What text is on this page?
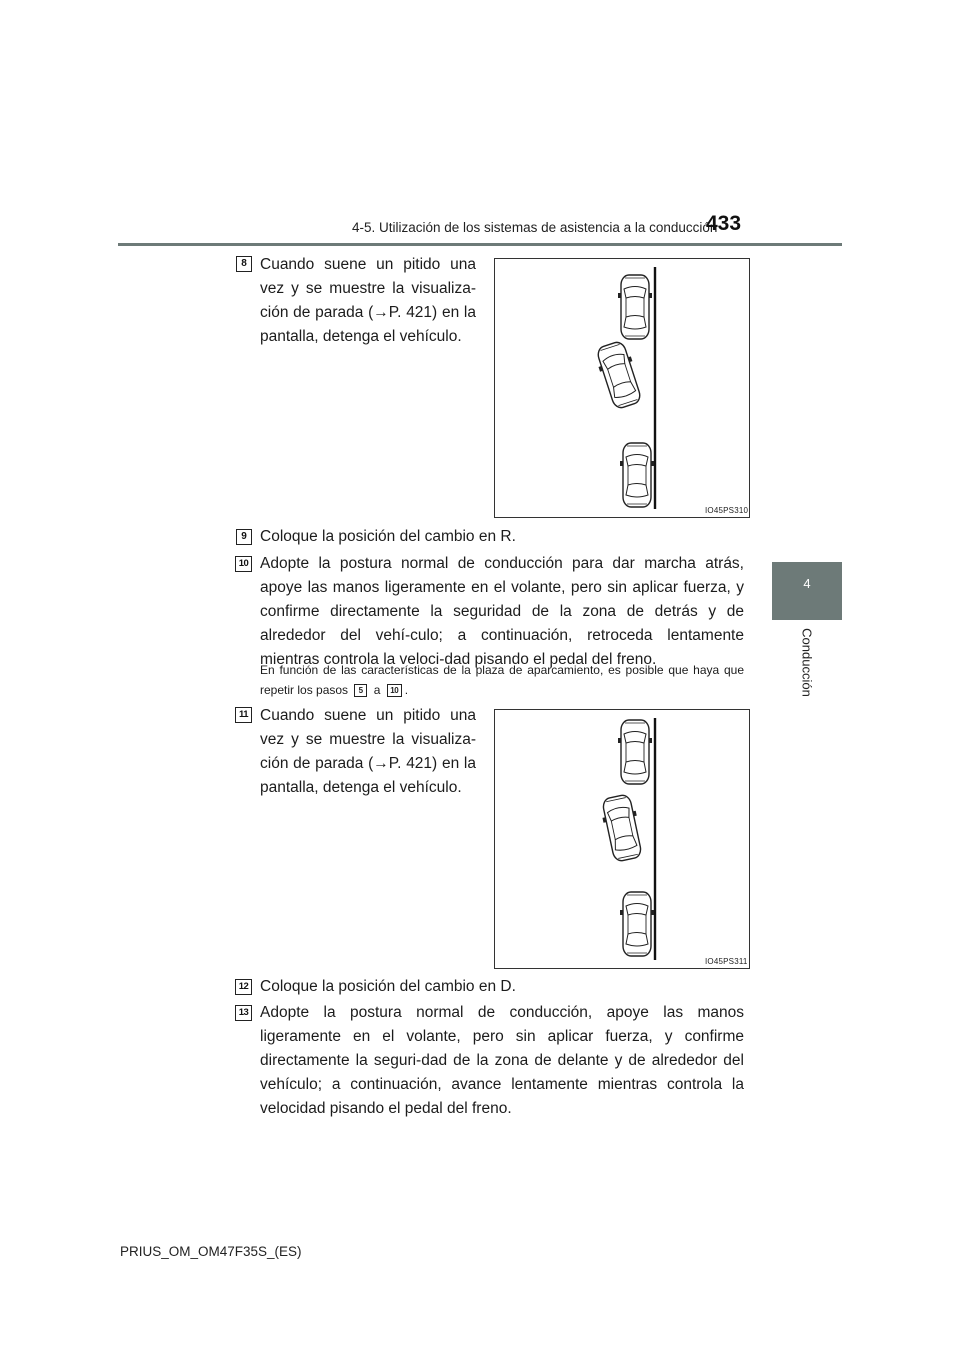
4-5. Utilización de los sistemas de asistencia a la conducción
433
4
Conducción
8 Cuando suene un pitido una vez y se muestre la visualiza-ción de parada (→P. 421) en la pantalla, detenga el vehículo.
IO45PS310
9 Coloque la posición del cambio en R.
10 Adopte la postura normal de conducción para dar marcha atrás, apoye las manos ligeramente en el volante, pero sin aplicar fuerza, y confirme directamente la seguridad de la zona de detrás y de alrededor del vehí-culo; a continuación, retroceda lentamente mientras controla la veloci-dad pisando el pedal del freno.
En función de las características de la plaza de aparcamiento, es posible que haya que repetir los pasos 5 a 10 .
11 Cuando suene un pitido una vez y se muestre la visualiza-ción de parada (→P. 421) en la pantalla, detenga el vehículo.
IO45PS311
12 Coloque la posición del cambio en D.
13 Adopte la postura normal de conducción, apoye las manos ligeramente en el volante, pero sin aplicar fuerza, y confirme directamente la seguri-dad de la zona de delante y de alrededor del vehículo; a continuación, avance lentamente mientras controla la velocidad pisando el pedal del freno.
PRIUS_OM_OM47F35S_(ES)
